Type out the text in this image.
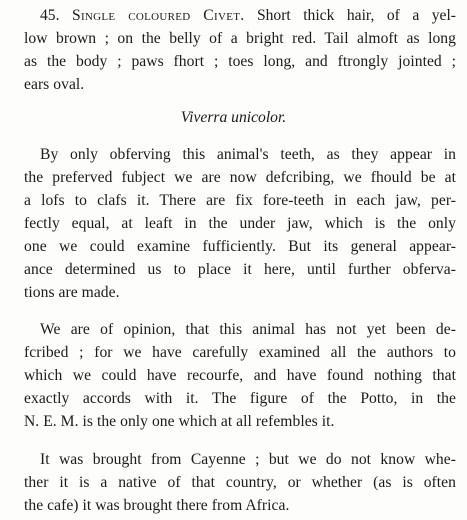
45. Single coloured Civet. Short thick hair, of a yel-
low brown ; on the belly of a bright red. Tail almoft as long
as the body ; paws fhort ; toes long, and ftrongly jointed ;
ears oval.
Viverra unicolor.
By only obferving this animal's teeth, as they appear in
the preferved fubject we are now defcribing, we fhould be at
a lofs to clafs it. There are fix fore-teeth in each jaw, per-
fectly equal, at leaft in the under jaw, which is the only
one we could examine fufficiently. But its general appear-
ance determined us to place it here, until further obferva-
tions are made.
We are of opinion, that this animal has not yet been de-
fcribed ; for we have carefully examined all the authors to
which we could have recourfe, and have found nothing that
exactly accords with it. The figure of the Potto, in the
N. E. M. is the only one which at all refembles it.
It was brought from Cayenne ; but we do not know whe-
ther it is a native of that country, or whether (as is often
the cafe) it was brought there from Africa.
